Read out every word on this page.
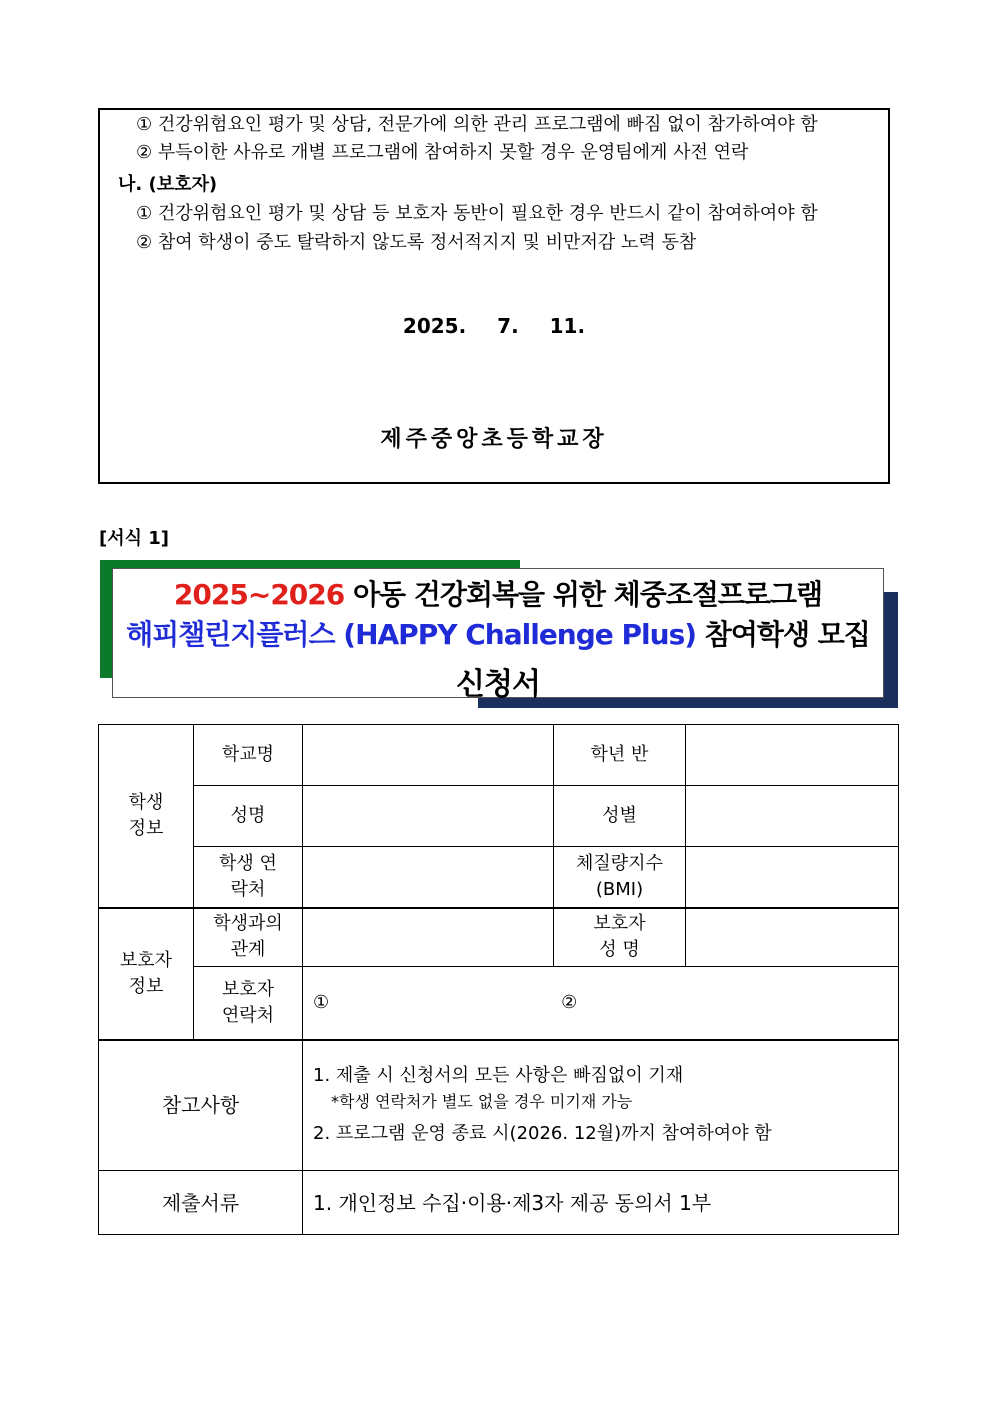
① 건강위험요인 평가 및 상담, 전문가에 의한 관리 프로그램에 빠짐 없이 참가하여야 함
② 부득이한 사유로 개별 프로그램에 참여하지 못할 경우 운영팀에게 사전 연락
나. (보호자)
① 건강위험요인 평가 및 상담 등 보호자 동반이 필요한 경우 반드시 같이 참여하여야 함
② 참여 학생이 중도 탈락하지 않도록 정서적지지 및 비만저감 노력 동참
2025. 7. 11.
제주중앙초등학교장
[서식 1]
2025~2026 아동 건강회복을 위한 체중조절프로그램
해피챌린지플러스 (HAPPY Challenge Plus) 참여학생 모집
신청서
학생 정보	학교명		학년 반	
	성명		성별	
	학생 연락처		체질량지수 (BMI)	
보호자 정보	학생과의 관계		보호자 성 명	
	보호자 연락처	① ②		
참고사항		1. 제출 시 신청서의 모든 사항은 빠짐없이 기재
*학생 연락처가 별도 없을 경우 미기재 가능
2. 프로그램 운영 종료 시(2026. 12월)까지 참여하여야 함		

제출서류		1. 개인정보 수집·이용·제3자 제공 동의서 1부		
